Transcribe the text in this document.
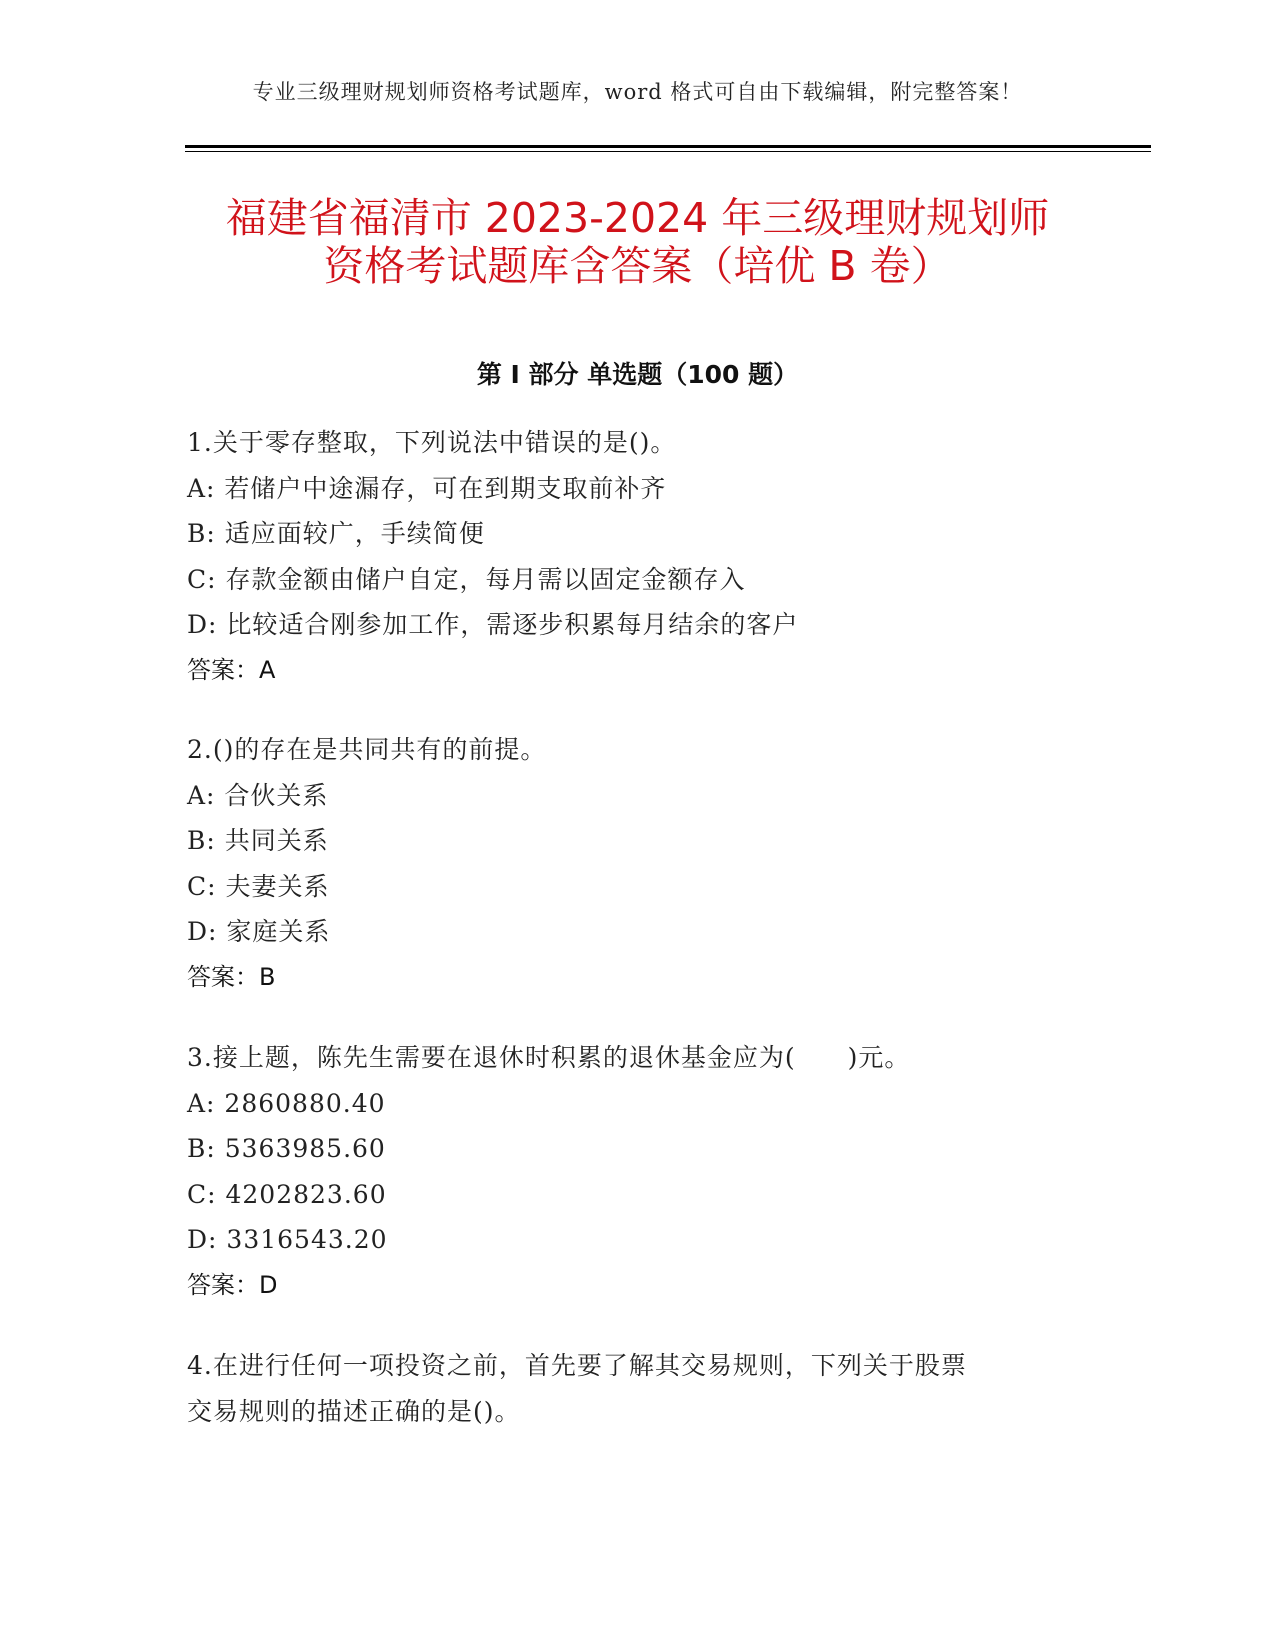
专业三级理财规划师资格考试题库，word 格式可自由下载编辑，附完整答案！
福建省福清市 2023-2024 年三级理财规划师
资格考试题库含答案（培优 B 卷）
第 I 部分 单选题（100 题）
1.关于零存整取，下列说法中错误的是()。
A: 若储户中途漏存，可在到期支取前补齐
B: 适应面较广，手续简便
C: 存款金额由储户自定，每月需以固定金额存入
D: 比较适合刚参加工作，需逐步积累每月结余的客户
答案：A
2.()的存在是共同共有的前提。
A: 合伙关系
B: 共同关系
C: 夫妻关系
D: 家庭关系
答案：B
3.接上题，陈先生需要在退休时积累的退休基金应为(　　)元。
A: 2860880.40
B: 5363985.60
C: 4202823.60
D: 3316543.20
答案：D
4.在进行任何一项投资之前，首先要了解其交易规则，下列关于股票
交易规则的描述正确的是()。
